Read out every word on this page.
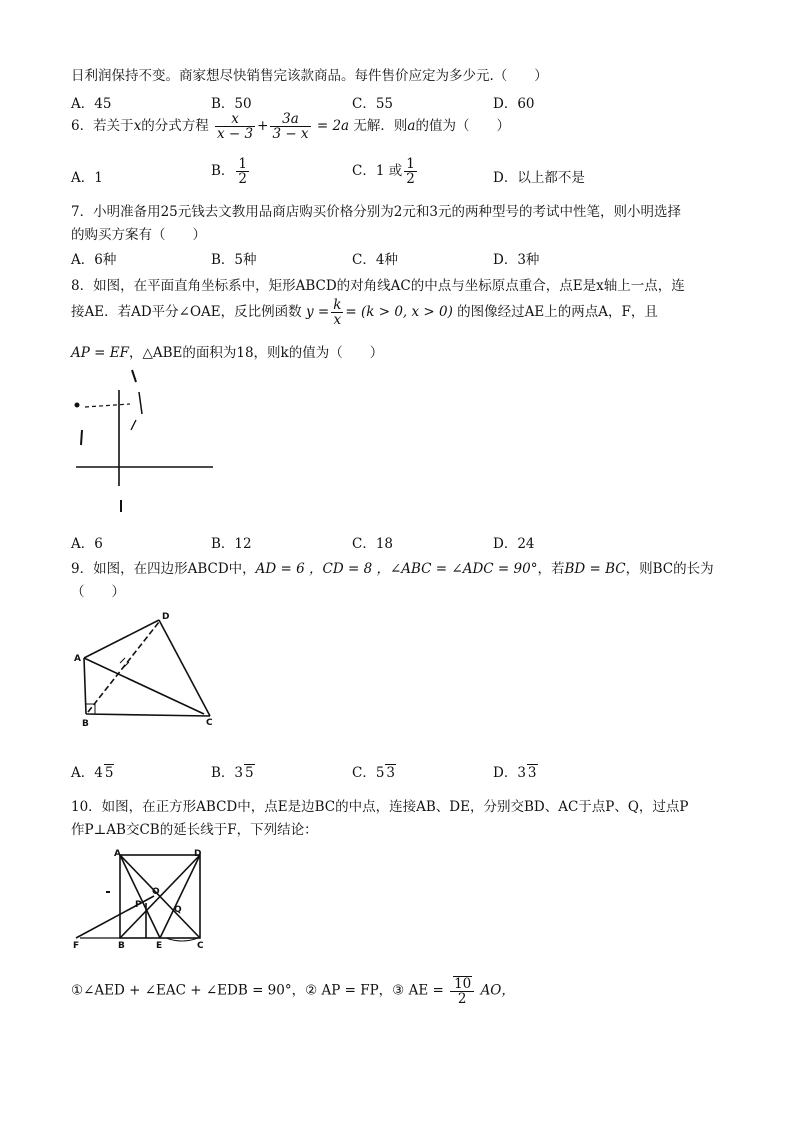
日利润保持不变。商家想尽快销售完该款商品。每件售价应定为多少元.（　　）
A．45	B．50	C．55	D．60
6．若关于x的分式方程 $\frac{x}{x - 3} + \frac{3a}{3 - x} = 2a$ 无解．则a的值为（　　）
A．1	B． $\frac{1}{2}$	C．1 或 $\frac{1}{2}$	D．以上都不是
7．小明准备用25元钱去文教用品商店购买价格分别为2元和3元的两种型号的考试中性笔，则小明选择
的购买方案有（　　）
A．6种	B．5种	C．4种	D．3种
8．如图，在平面直角坐标系中，矩形ABCD的对角线AC的中点与坐标原点重合，点E是x轴上一点，连
接AE．若AD平分∠OAE，反比例函数 $y = \frac{k}{x} = (k > 0$, x > 0) 的图像经过AE上的两点A，F，且
AP = EF，△ABE的面积为18，则k的值为（　　）
A．6	B．12	C．18	D．24
9．如图，在四边形ABCD中，AD = 6 ，CD = 8 ，∠ABC = ∠ADC = 90°，若BD = BC，则BC的长为
（　　）
A
D
B	C
A．4 5	B．3 5	C．5 3	D．3 3
10．如图，在正方形ABCD中，点E是边BC的中点，连接AB、DE，分别交BD、AC于点P、Q，过点P
作P⊥AB交CB的延长线于F，下列结论：
A	D
O
P	Q
F	B	E	C
①∠AED + ∠EAC + ∠EDB = 90°，② AP = FP，③ AE = $\frac{10}{2}$ AO，
